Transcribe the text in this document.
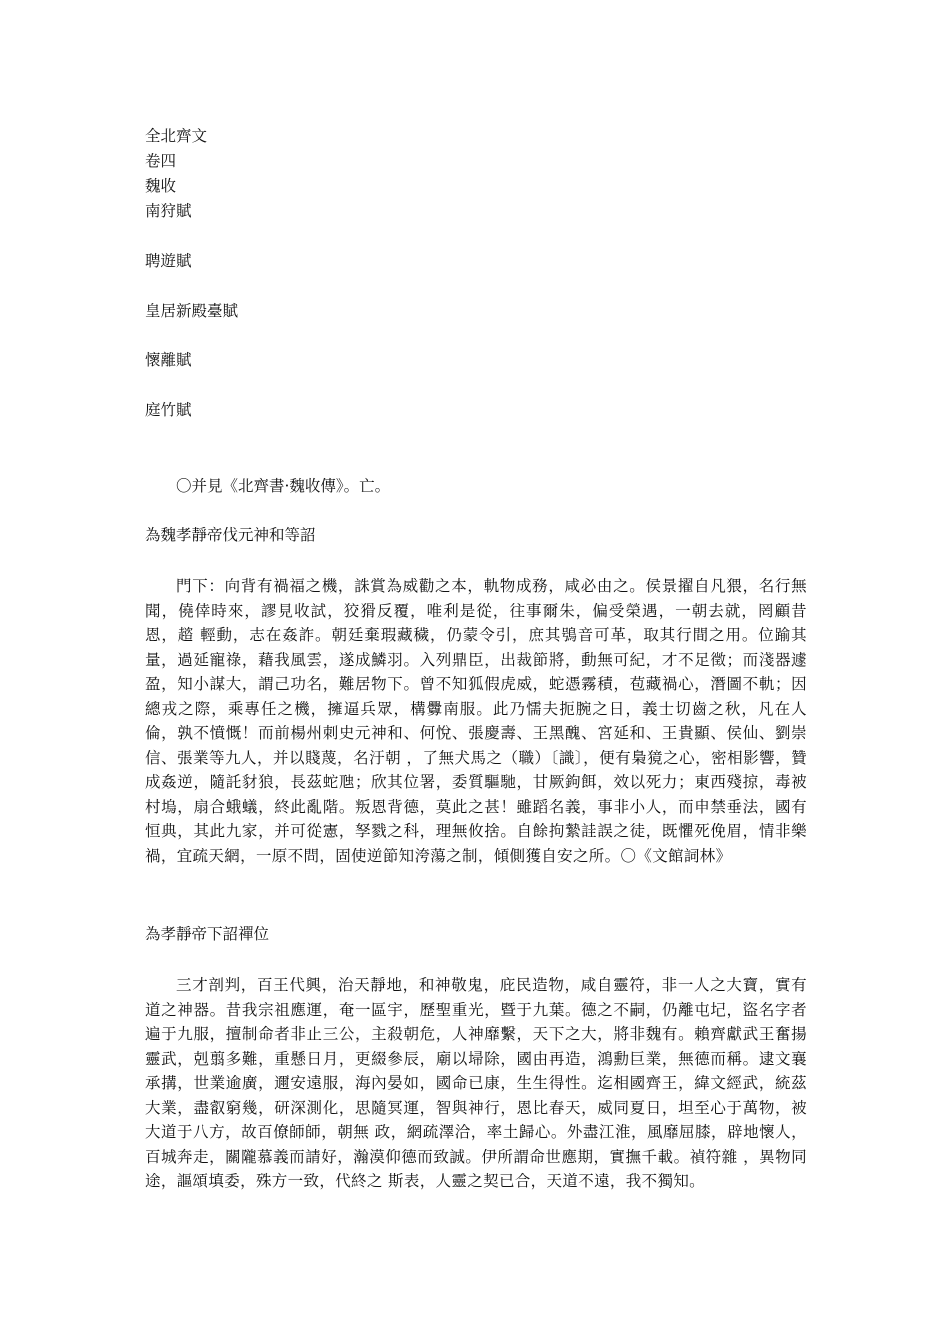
全北齊文
卷四
魏收
南狩賦
聘遊賦
皇居新殿臺賦
懷離賦
庭竹賦
〇并見《北齊書·魏收傳》。亡。
為魏孝靜帝伐元神和等詔

門下：向背有禍福之機，誅賞為威勸之本，軌物成務，咸必由之。侯景擢自凡猥，名行無聞，僥倖時來，謬見收試，狡猾反覆，唯利是從，往事爾朱，偏受榮遇，一朝去就，罔顧昔恩，趦 輕動，志在姦詐。朝廷棄瑕藏穢，仍蒙令引，庶其鴞音可革，取其行間之用。位踰其量，過延寵祿，藉我風雲，遂成鱗羽。入列鼎臣，出裁節將，動無可紀，才不足徵；而淺器遽盈，知小謀大，謂己功名，難居物下。曾不知狐假虎威，蛇憑霧積，苞藏禍心，潛圖不軌；因總戎之際，乘專任之機，擁逼兵眾，構釁南服。此乃懦夫扼腕之日，義士切齒之秋，凡在人倫，孰不憤慨！而前楊州刺史元神和、何悅、張慶壽、王黑醜、宮延和、王貴顯、侯仙、劉崇信、張業等九人，并以賤蔑，名汙朝 ，了無犬馬之（職）〔識〕，便有梟獍之心，密相影響，贊成姦逆，隨託豺狼，長茲蛇虺；欣其位署，委質驅馳，甘厥鉤餌，效以死力；東西殘掠，毒被村塢，扇合蛾蟻，終此亂階。叛恩背德，莫此之甚！雖蹈名義，事非小人，而申禁垂法，國有恒典，其此九家，并可從憲，孥戮之科，理無攸捨。自餘拘縶詿誤之徒，既懼死俛眉，情非樂禍，宜疏天網，一原不問，固使逆節知洿蕩之制，傾側獲自安之所。〇《文館詞林》

為孝靜帝下詔禪位

三才剖判，百王代興，治天靜地，和神敬鬼，庇民造物，咸自靈符，非一人之大寶，實有道之神器。昔我宗祖應運，奄一區宇，歷聖重光，暨于九葉。德之不嗣，仍離屯圮，盜名字者遍于九服，擅制命者非止三公，主殺朝危，人神靡繫，天下之大，將非魏有。賴齊獻武王奮揚靈武，剋翦多難，重懸日月，更綴參辰，廟以埽除，國由再造，鴻勳巨業，無德而稱。逮文襄承搆，世業逾廣，邇安遠服，海內晏如，國命已康，生生得性。迄相國齊王，緯文經武，統茲大業，盡叡窮幾，研深測化，思隨冥運，智與神行，恩比春天，威同夏日，坦至心于萬物，被大道于八方，故百僚師師，朝無 政，網疏澤洽，率土歸心。外盡江淮，風靡屈膝，辟地懷人，百城奔走，關隴慕義而請好，瀚漠仰德而致誠。伊所謂命世應期，實撫千載。禎符雜 ，異物同途，謳頌填委，殊方一致，代終之 斯表，人靈之契已合，天道不遠，我不獨知。
